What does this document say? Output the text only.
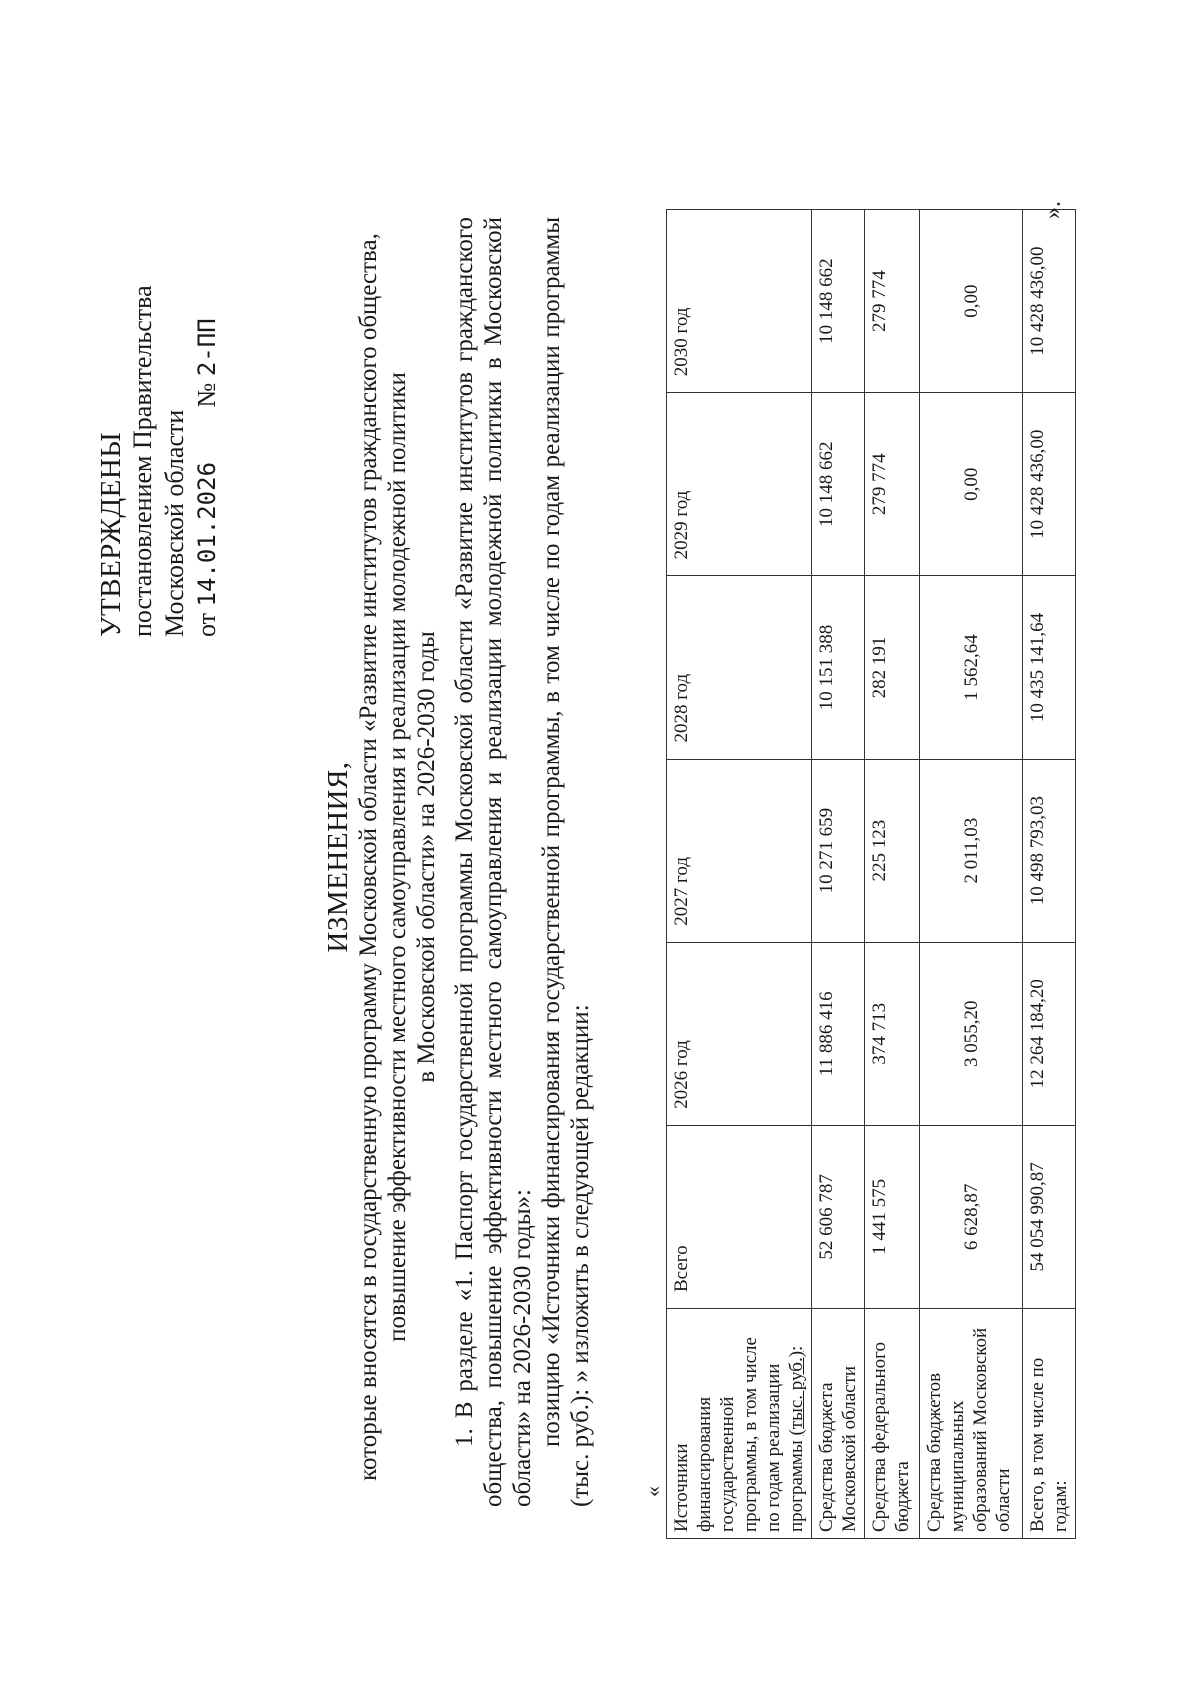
УТВЕРЖДЕНЫ постановлением Правительства Московской области от 14.01.2026 № 2-ПП
ИЗМЕНЕНИЯ, которые вносятся в государственную программу Московской области «Развитие институтов гражданского общества, повышение эффективности местного самоуправления и реализации молодежной политики в Московской области» на 2026-2030 годы 1. В разделе «1. Паспорт государственной программы Московской области «Развитие институтов гражданского общества, повышение эффективности местного самоуправления и реализации молодежной политики в Московской области» на 2026-2030 годы»: позицию «Источники финансирования государственной программы, в том числе по годам реализации программы (тыс. руб.): » изложить в следующей редакции: « Источники финансирования государственной программы, в том числе по годам реализации программы (тыс. руб.):	Всего	2026 год	2027 год	2028 год	2029 год	2030 год
Средства бюджета Московской области	52 606 787	11 886 416	10 271 659	10 151 388	10 148 662	10 148 662
Средства федерального бюджета	1 441 575	374 713	225 123	282 191	279 774	279 774
Средства бюджетов муниципальных образований Московской области	6 628,87	3 055,20	2 011,03	1 562,64	0,00	0,00
Всего, в том числе по годам:	54 054 990,87	12 264 184,20	10 498 793,03	10 435 141,64	10 428 436,00	10 428 436,00
».
